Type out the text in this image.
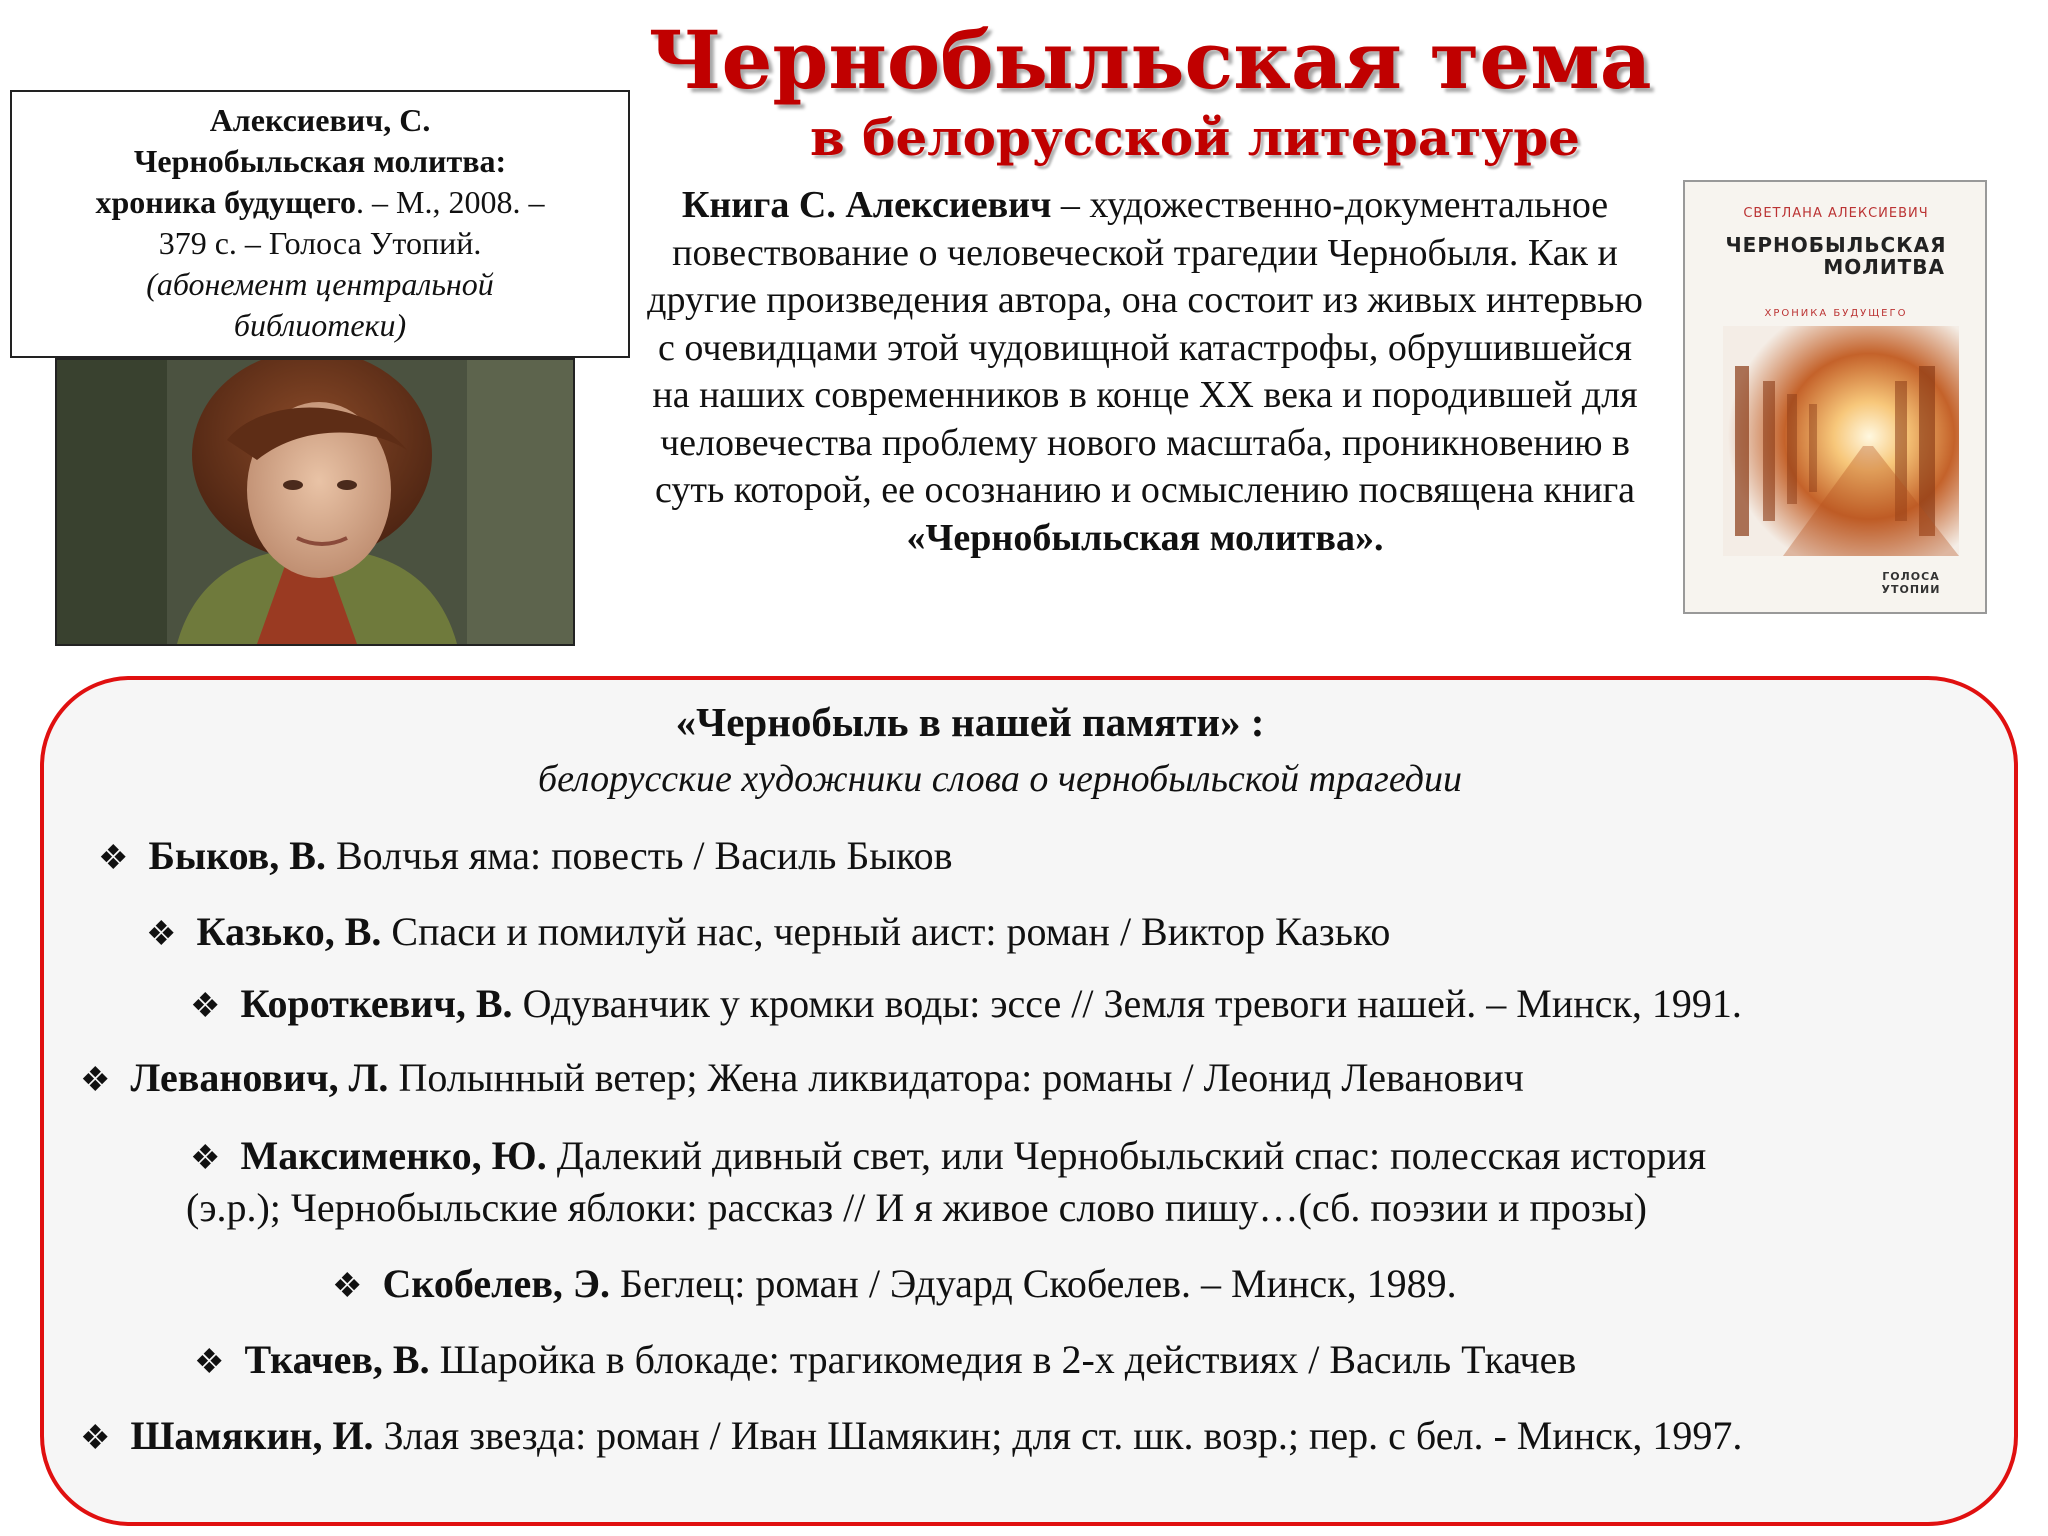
Чернобыльская тема
в белорусской литературе
Алексиевич, С.
Чернобыльская молитва:
хроника будущего. – М., 2008. –
379 с. – Голоса Утопий.
(абонемент центральной
библиотеки)
Книга С. Алексиевич – художественно-документальное повествование о человеческой трагедии Чернобыля. Как и другие произведения автора, она состоит из живых интервью с очевидцами этой чудовищной катастрофы, обрушившейся на наших современников в конце XX века и породившей для человечества проблему нового масштаба, проникновению в суть которой, ее осознанию и осмыслению посвящена книга
«Чернобыльская молитва».
СВЕТЛАНА АЛЕКСИЕВИЧ
ЧЕРНОБЫЛЬСКАЯ
МОЛИТВА
ХРОНИКА БУДУЩЕГО
ГОЛОСА
УТОПИИ
«Чернобыль в нашей памяти» :
белорусские художники слова о чернобыльской трагедии
❖ Быков, В. Волчья яма: повесть / Василь Быков
❖ Казько, В. Спаси и помилуй нас, черный аист: роман / Виктор Казько
❖ Короткевич, В. Одуванчик у кромки воды: эссе // Земля тревоги нашей. – Минск, 1991.
❖ Леванович, Л. Полынный ветер; Жена ликвидатора: романы / Леонид Леванович
❖ Максименко, Ю. Далекий дивный свет, или Чернобыльский спас: полесская история
(э.р.); Чернобыльские яблоки: рассказ // И я живое слово пишу…(сб. поэзии и прозы)
❖ Скобелев, Э. Беглец: роман / Эдуард Скобелев. – Минск, 1989.
❖ Ткачев, В. Шаройка в блокаде: трагикомедия в 2-х действиях / Василь Ткачев
❖ Шамякин, И. Злая звезда: роман / Иван Шамякин; для ст. шк. возр.; пер. с бел. - Минск, 1997.
